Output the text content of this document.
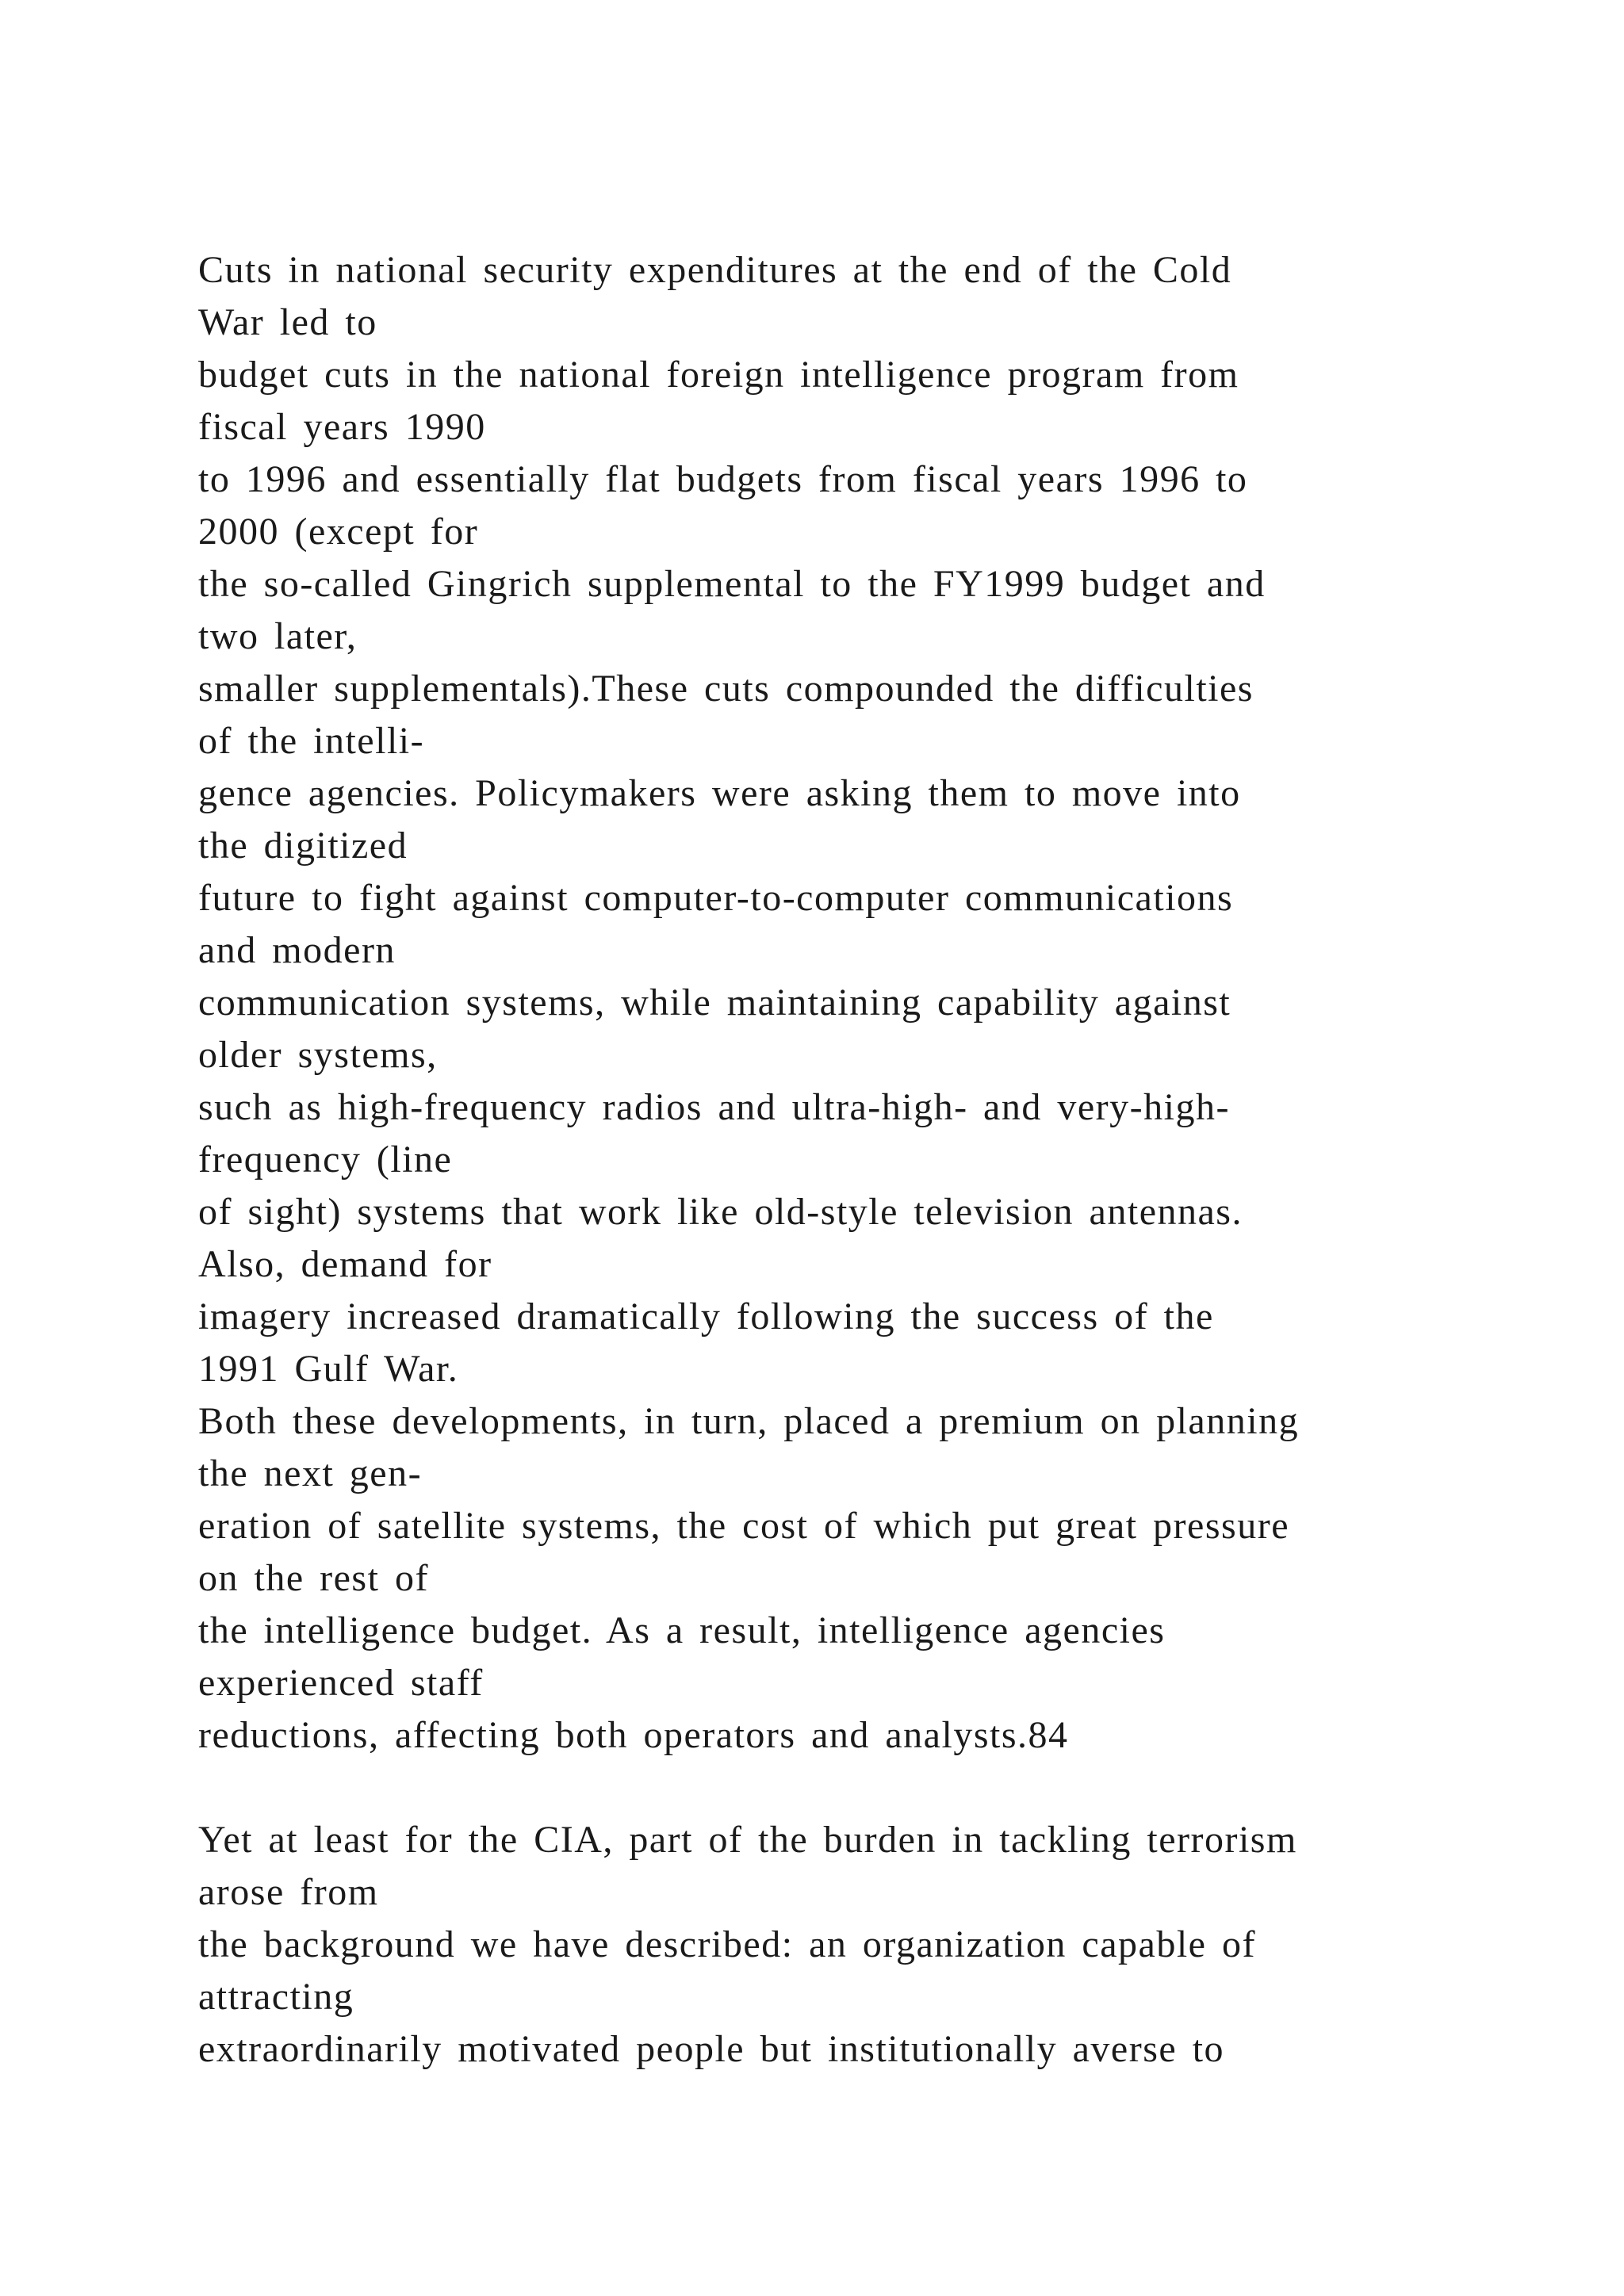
Cuts in national security expenditures at the end of the Cold
War led to
budget cuts in the national foreign intelligence program from
fiscal years 1990
to 1996 and essentially flat budgets from fiscal years 1996 to
2000 (except for
the so-called Gingrich supplemental to the FY1999 budget and
two later,
smaller supplementals).These cuts compounded the difficulties
of the intelli-
gence agencies. Policymakers were asking them to move into
the digitized
future to fight against computer-to-computer communications
and modern
communication systems, while maintaining capability against
older systems,
such as high-frequency radios and ultra-high- and very-high-
frequency (line
of sight) systems that work like old-style television antennas.
Also, demand for
imagery increased dramatically following the success of the
1991 Gulf War.
Both these developments, in turn, placed a premium on planning
the next gen-
eration of satellite systems, the cost of which put great pressure
on the rest of
the intelligence budget. As a result, intelligence agencies
experienced staff
reductions, affecting both operators and analysts.84
Yet at least for the CIA, part of the burden in tackling terrorism
arose from
the background we have described: an organization capable of
attracting
extraordinarily motivated people but institutionally averse to
